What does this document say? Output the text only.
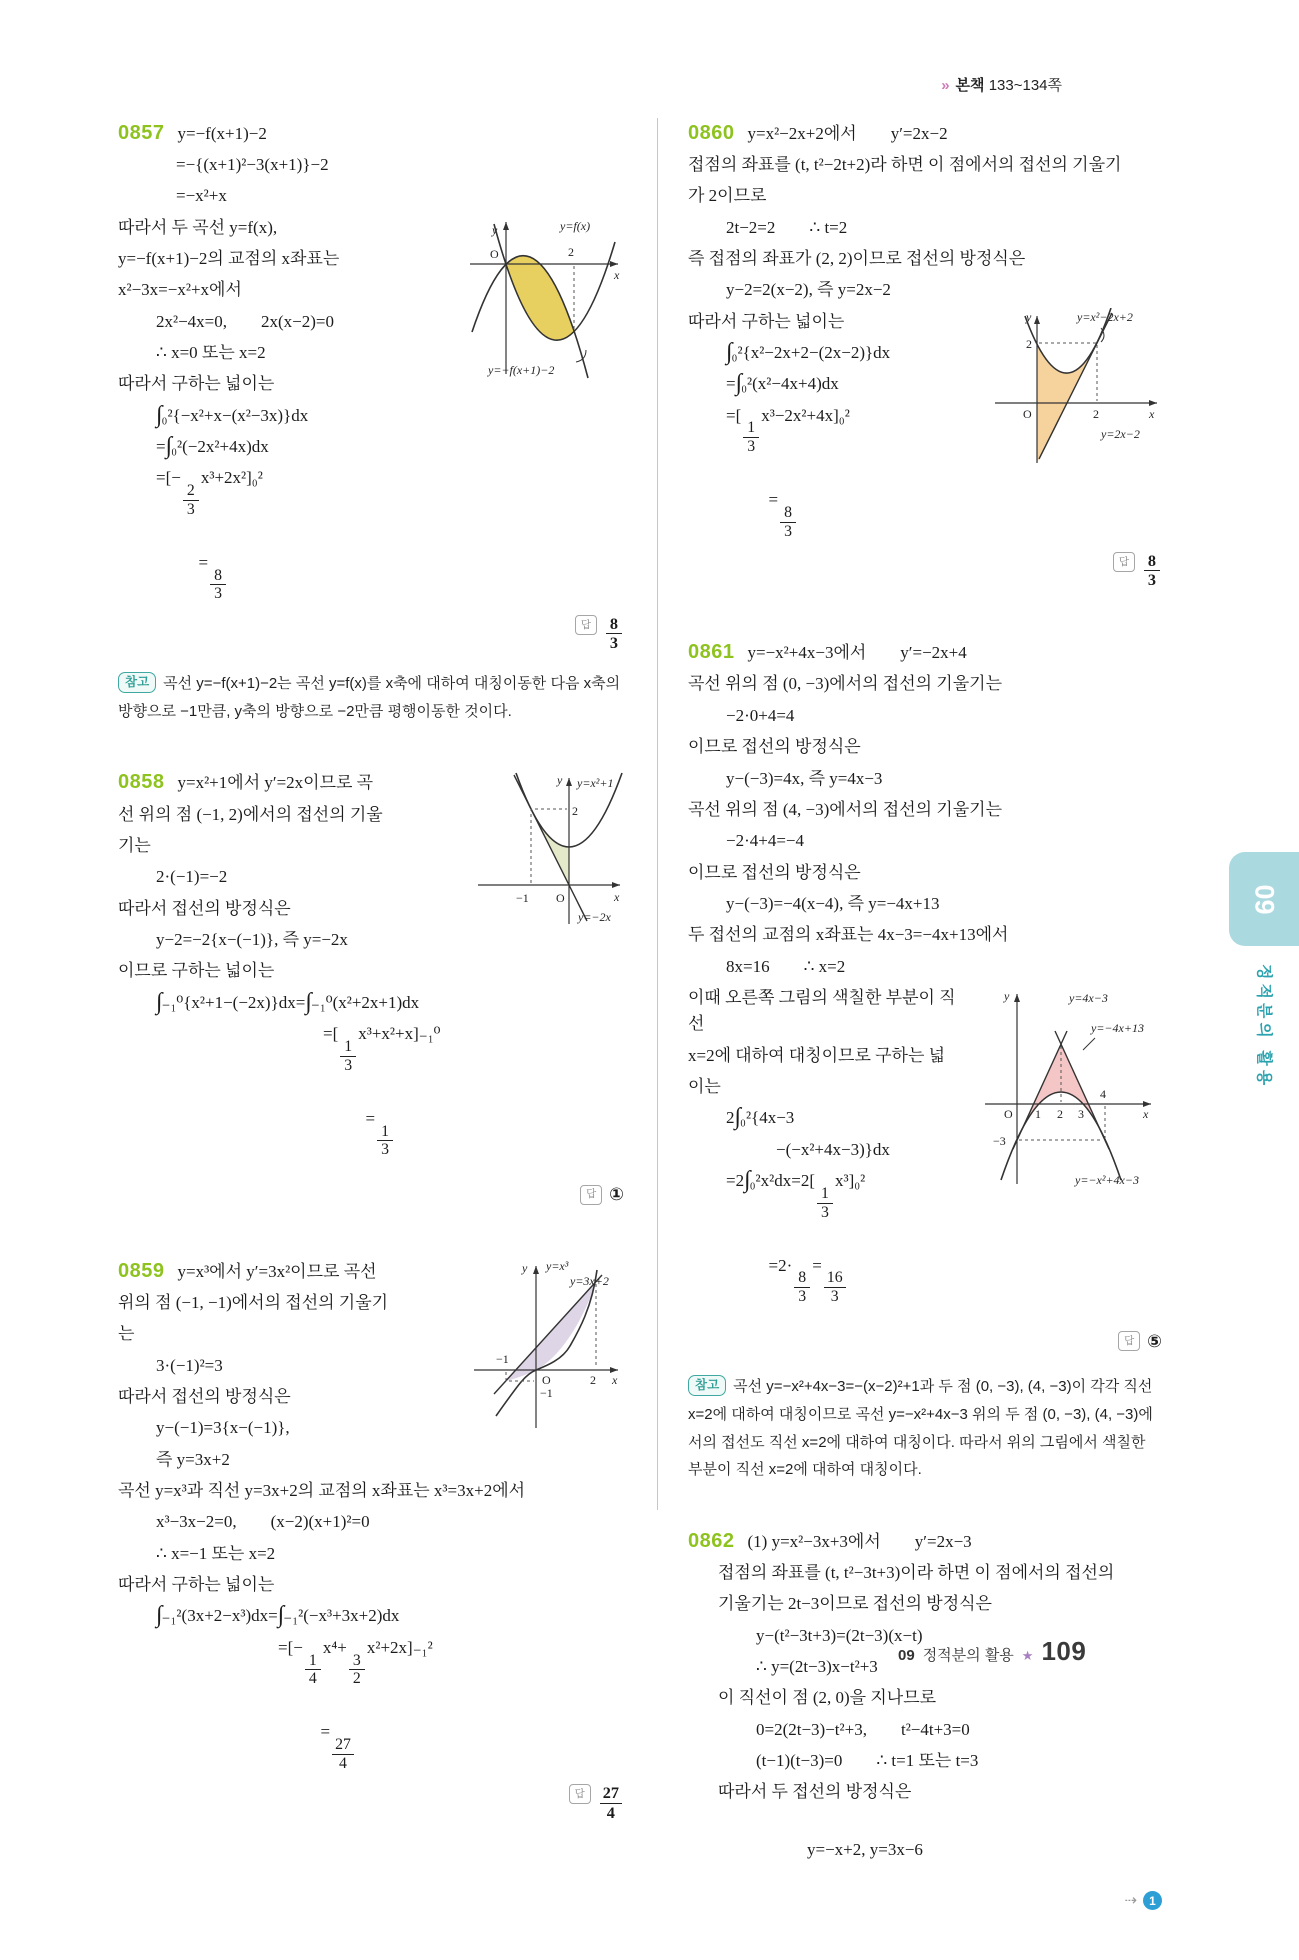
» 본책 133~134쪽
0857 y=−f(x+1)−2
=−{(x+1)²−3(x+1)}−2
=−x²+x
y
O	2
x
y=f(x)
y=−f(x+1)−2
따라서 두 곡선 y=f(x),
y=−f(x+1)−2의 교점의 x좌표는
x²−3x=−x²+x에서
2x²−4x=0,  2x(x−2)=0
∴ x=0 또는 x=2
따라서 구하는 넓이는
∫₀²{−x²+x−(x²−3x)}dx
=∫₀²(−2x²+4x)dx
=[−
$\frac{2}{3}$
x³+2x²]₀²

=
$\frac{8}{3}$

답 $\frac{8}{3}$

참고 곡선 y=−f(x+1)−2는 곡선 y=f(x)를 x축에 대하여 대칭이동한 다음 x축의 방향으로 −1만큼, y축의 방향으로 −2만큼 평행이동한 것이다.
y y=x²+1
2
−1 O	x
y=−2x
0858 y=x²+1에서 y′=2x이므로 곡
선 위의 점 (−1, 2)에서의 접선의 기울
기는
2·(−1)=−2
따라서 접선의 방정식은
y−2=−2{x−(−1)}, 즉 y=−2x
이므로 구하는 넓이는
∫₋₁⁰{x²+1−(−2x)}dx=∫₋₁⁰(x²+2x+1)dx
=[
$\frac{1}{3}$
x³+x²+x]₋₁⁰

=
$\frac{1}{3}$

답 ①

y y=x³
y=3x+2
−1
O	2 x
−1
0859 y=x³에서 y′=3x²이므로 곡선
위의 점 (−1, −1)에서의 접선의 기울기
는
3·(−1)²=3
따라서 접선의 방정식은
y−(−1)=3{x−(−1)},
즉 y=3x+2
곡선 y=x³과 직선 y=3x+2의 교점의 x좌표는 x³=3x+2에서
x³−3x−2=0,  (x−2)(x+1)²=0
∴ x=−1 또는 x=2
따라서 구하는 넓이는
∫₋₁²(3x+2−x³)dx=∫₋₁²(−x³+3x+2)dx
=[−
$\frac{1}{4}$
x⁴+
$\frac{3}{2}$
x²+2x]₋₁²

=
$\frac{27}{4}$

답 $\frac{27}{4}$

0860 y=x²−2x+2에서  y′=2x−2
접점의 좌표를 (t, t²−2t+2)라 하면 이 점에서의 접선의 기울기
가 2이므로
2t−2=2  ∴ t=2
즉 접점의 좌표가 (2, 2)이므로 접선의 방정식은
y−2=2(x−2), 즉 y=2x−2
y	y=x²−2x+2
2
O	2	x
y=2x−2
따라서 구하는 넓이는
∫₀²{x²−2x+2−(2x−2)}dx
=∫₀²(x²−4x+4)dx
=[
$\frac{1}{3}$
x³−2x²+4x]₀²

=
$\frac{8}{3}$

답 $\frac{8}{3}$

0861 y=−x²+4x−3에서  y′=−2x+4
곡선 위의 점 (0, −3)에서의 접선의 기울기는
−2·0+4=4
이므로 접선의 방정식은
y−(−3)=4x, 즉 y=4x−3
곡선 위의 점 (4, −3)에서의 접선의 기울기는
−2·4+4=−4
이므로 접선의 방정식은
y−(−3)=−4(x−4), 즉 y=−4x+13
두 접선의 교점의 x좌표는 4x−3=−4x+13에서
8x=16  ∴ x=2
y	y=4x−3
y=−4x+13
O 1 2 3
4
x
−3
y=−x²+4x−3
이때 오른쪽 그림의 색칠한 부분이 직선
x=2에 대하여 대칭이므로 구하는 넓
이는
2∫₀²{4x−3
−(−x²+4x−3)}dx
=2∫₀²x²dx=2[
$\frac{1}{3}$
x³]₀²

=2·
$\frac{8}{3}$
=
$\frac{16}{3}$

답 ⑤

참고 곡선 y=−x²+4x−3=−(x−2)²+1과 두 점 (0, −3), (4, −3)이 각각 직선 x=2에 대하여 대칭이므로 곡선 y=−x²+4x−3 위의 두 점 (0, −3), (4, −3)에서의 접선도 직선 x=2에 대하여 대칭이다. 따라서 위의 그림에서 색칠한 부분이 직선 x=2에 대하여 대칭이다.
0862 (1) y=x²−3x+3에서  y′=2x−3
접점의 좌표를 (t, t²−3t+3)이라 하면 이 점에서의 접선의
기울기는 2t−3이므로 접선의 방정식은
y−(t²−3t+3)=(2t−3)(x−t)
∴ y=(2t−3)x−t²+3
이 직선이 점 (2, 0)을 지나므로
0=2(2t−3)−t²+3,  t²−4t+3=0
(t−1)(t−3)=0  ∴ t=1 또는 t=3
따라서 두 접선의 방정식은

y=−x+2, y=3x−6

⇢	1

09
정적분의 활용
09 정적분의 활용 ★ 109
